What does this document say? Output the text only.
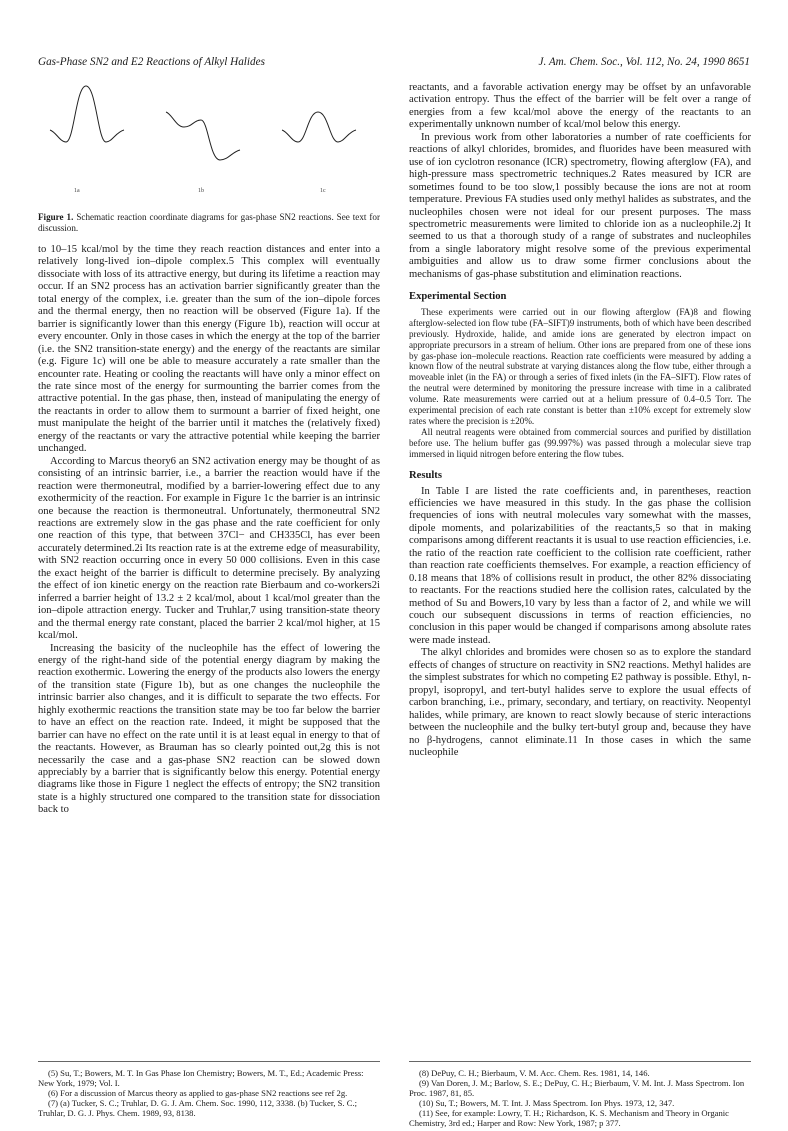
Gas-Phase SN2 and E2 Reactions of Alkyl Halides	J. Am. Chem. Soc., Vol. 112, No. 24, 1990 8651
1a	1b	1c
Figure 1. Schematic reaction coordinate diagrams for gas-phase SN2 reactions. See text for discussion.

to 10–15 kcal/mol by the time they reach reaction distances and enter into a relatively long-lived ion–dipole complex.5 This complex will eventually dissociate with loss of its attractive energy, but during its lifetime a reaction may occur. If an SN2 process has an activation barrier significantly greater than the total energy of the complex, i.e. greater than the sum of the ion–dipole forces and the thermal energy, then no reaction will be observed (Figure 1a). If the barrier is significantly lower than this energy (Figure 1b), reaction will occur at every encounter. Only in those cases in which the energy at the top of the barrier (i.e. the SN2 transition-state energy) and the energy of the reactants are similar (e.g. Figure 1c) will one be able to measure accurately a rate smaller than the encounter rate. Heating or cooling the reactants will have only a minor effect on the rate since most of the energy for surmounting the barrier comes from the attractive potential. In the gas phase, then, instead of manipulating the energy of the reactants in order to allow them to surmount a barrier of fixed height, one must manipulate the height of the barrier until it matches the (relatively fixed) energy of the reactants or vary the attractive potential while keeping the barrier unchanged.

According to Marcus theory6 an SN2 activation energy may be thought of as consisting of an intrinsic barrier, i.e., a barrier the reaction would have if the reaction were thermoneutral, modified by a barrier-lowering effect due to any exothermicity of the reaction. For example in Figure 1c the barrier is an intrinsic one because the reaction is thermoneutral. Unfortunately, thermoneutral SN2 reactions are extremely slow in the gas phase and the rate coefficient for only one reaction of this type, that between 37Cl− and CH335Cl, has ever been accurately determined.2i Its reaction rate is at the extreme edge of measurability, with SN2 reaction occurring once in every 50 000 collisions. Even in this case the exact height of the barrier is difficult to determine precisely. By analyzing the effect of ion kinetic energy on the reaction rate Bierbaum and co-workers2i inferred a barrier height of 13.2 ± 2 kcal/mol, about 1 kcal/mol greater than the ion–dipole attraction energy. Tucker and Truhlar,7 using transition-state theory and the thermal energy rate constant, placed the barrier 2 kcal/mol higher, at 15 kcal/mol.

Increasing the basicity of the nucleophile has the effect of lowering the energy of the right-hand side of the potential energy diagram by making the reaction exothermic. Lowering the energy of the products also lowers the energy of the transition state (Figure 1b), but as one changes the nucleophile the intrinsic barrier also changes, and it is difficult to separate the two effects. For highly exothermic reactions the transition state may be too far below the barrier to have an effect on the reaction rate. Indeed, it might be supposed that the barrier can have no effect on the rate until it is at least equal in energy to that of the reactants. However, as Brauman has so clearly pointed out,2g this is not necessarily the case and a gas-phase SN2 reaction can be slowed down appreciably by a barrier that is significantly below this energy. Potential energy diagrams like those in Figure 1 neglect the effects of entropy; the SN2 transition state is a highly structured one compared to the transition state for dissociation back to

reactants, and a favorable activation energy may be offset by an unfavorable activation entropy. Thus the effect of the barrier will be felt over a range of energies from a few kcal/mol above the energy of the reactants to an experimentally unknown number of kcal/mol below this energy.

In previous work from other laboratories a number of rate coefficients for reactions of alkyl chlorides, bromides, and fluorides have been measured with use of ion cyclotron resonance (ICR) spectrometry, flowing afterglow (FA), and high-pressure mass spectrometric techniques.2 Rates measured by ICR are sometimes found to be too slow,1 possibly because the ions are not at room temperature. Previous FA studies used only methyl halides as substrates, and the nucleophiles chosen were not ideal for our present purposes. The mass spectrometric measurements were limited to chloride ion as a nucleophile.2j It seemed to us that a thorough study of a range of substrates and nucleophiles from a single laboratory might resolve some of the previous experimental ambiguities and allow us to draw some firmer conclusions about the mechanisms of gas-phase substitution and elimination reactions.

Experimental Section

These experiments were carried out in our flowing afterglow (FA)8 and flowing afterglow-selected ion flow tube (FA–SIFT)9 instruments, both of which have been described previously. Hydroxide, halide, and amide ions are generated by electron impact on appropriate precursors in a stream of helium. Other ions are prepared from one of these ions by gas-phase ion–molecule reactions. Reaction rate coefficients were measured by adding a known flow of the neutral substrate at varying distances along the flow tube, either through a moveable inlet (in the FA) or through a series of fixed inlets (in the FA–SIFT). Flow rates of the neutral were determined by monitoring the pressure increase with time in a calibrated volume. Rate measurements were carried out at a helium pressure of 0.4–0.5 Torr. The experimental precision of each rate constant is better than ±10% except for extremely slow rates where the precision is ±20%.

All neutral reagents were obtained from commercial sources and purified by distillation before use. The helium buffer gas (99.997%) was passed through a molecular sieve trap immersed in liquid nitrogen before entering the flow tubes.

Results

In Table I are listed the rate coefficients and, in parentheses, reaction efficiencies we have measured in this study. In the gas phase the collision frequencies of ions with neutral molecules vary somewhat with the masses, dipole moments, and polarizabilities of the reactants,5 so that in making comparisons among different reactants it is usual to use reaction efficiencies, i.e. the ratio of the reaction rate coefficient to the collision rate coefficient, rather than reaction rate coefficients themselves. For example, a reaction efficiency of 0.18 means that 18% of collisions result in product, the other 82% dissociating to reactants. For the reactions studied here the collision rates, calculated by the method of Su and Bowers,10 vary by less than a factor of 2, and while we will couch our subsequent discussions in terms of reaction efficiencies, no conclusion in this paper would be changed if comparisons among absolute rates were made instead.

The alkyl chlorides and bromides were chosen so as to explore the standard effects of changes of structure on reactivity in SN2 reactions. Methyl halides are the simplest substrates for which no competing E2 pathway is possible. Ethyl, n-propyl, isopropyl, and tert-butyl halides serve to explore the usual effects of carbon branching, i.e., primary, secondary, and tertiary, on reactivity. Neopentyl halides, while primary, are known to react slowly because of steric interactions between the nucleophile and the bulky tert-butyl group and, because they have no β-hydrogens, cannot eliminate.11 In those cases in which the same nucleophile

(5) Su, T.; Bowers, M. T. In Gas Phase Ion Chemistry; Bowers, M. T., Ed.; Academic Press: New York, 1979; Vol. I.
(6) For a discussion of Marcus theory as applied to gas-phase SN2 reactions see ref 2g.
(7) (a) Tucker, S. C.; Truhlar, D. G. J. Am. Chem. Soc. 1990, 112, 3338. (b) Tucker, S. C.; Truhlar, D. G. J. Phys. Chem. 1989, 93, 8138.
(8) DePuy, C. H.; Bierbaum, V. M. Acc. Chem. Res. 1981, 14, 146.
(9) Van Doren, J. M.; Barlow, S. E.; DePuy, C. H.; Bierbaum, V. M. Int. J. Mass Spectrom. Ion Proc. 1987, 81, 85.
(10) Su, T.; Bowers, M. T. Int. J. Mass Spectrom. Ion Phys. 1973, 12, 347.
(11) See, for example: Lowry, T. H.; Richardson, K. S. Mechanism and Theory in Organic Chemistry, 3rd ed.; Harper and Row: New York, 1987; p 377.
